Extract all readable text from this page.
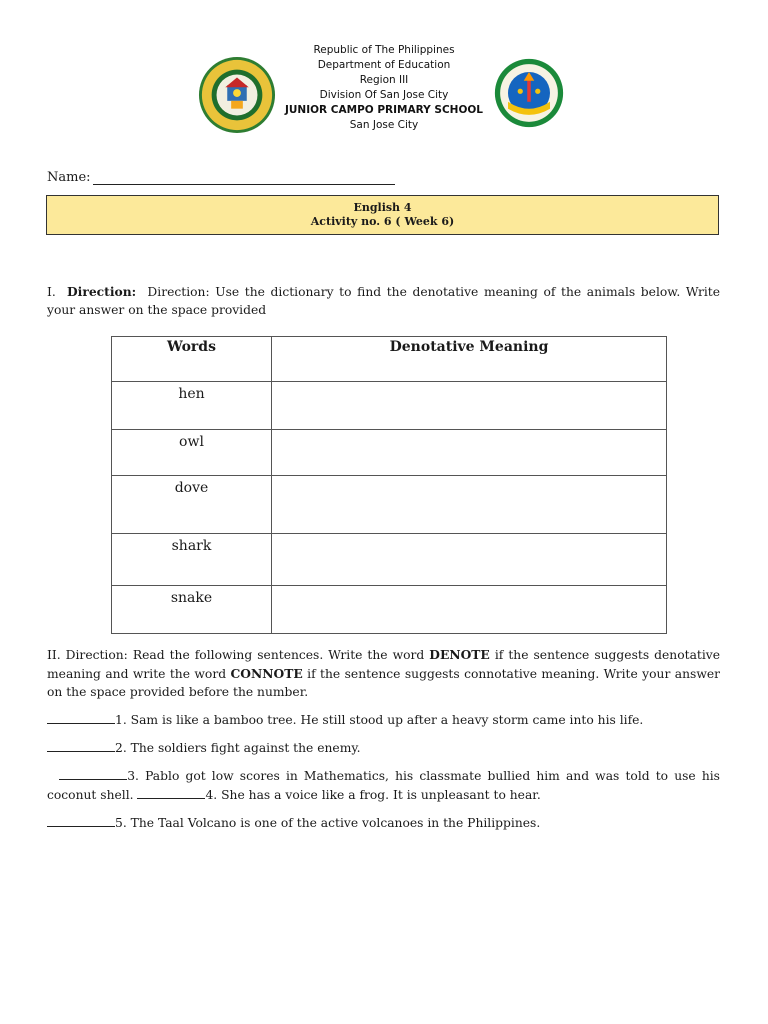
Republic of The Philippines
Department of Education
Region III
Division Of San Jose City
JUNIOR CAMPO PRIMARY SCHOOL
San Jose City
Name:
English 4
Activity no. 6 ( Week 6)
I. Direction: Direction: Use the dictionary to find the denotative meaning of the animals below. Write your answer on the space provided
Words	Denotative Meaning
hen	
owl	
dove	
shark	
snake	
II. Direction: Read the following sentences. Write the word DENOTE if the sentence suggests denotative meaning and write the word CONNOTE if the sentence suggests connotative meaning. Write your answer on the space provided before the number.
1. Sam is like a bamboo tree. He still stood up after a heavy storm came into his life.
2. The soldiers fight against the enemy.
3. Pablo got low scores in Mathematics, his classmate bullied him and was told to use his coconut shell.	4. She has a voice like a frog. It is unpleasant to hear.
5. The Taal Volcano is one of the active volcanoes in the Philippines.
